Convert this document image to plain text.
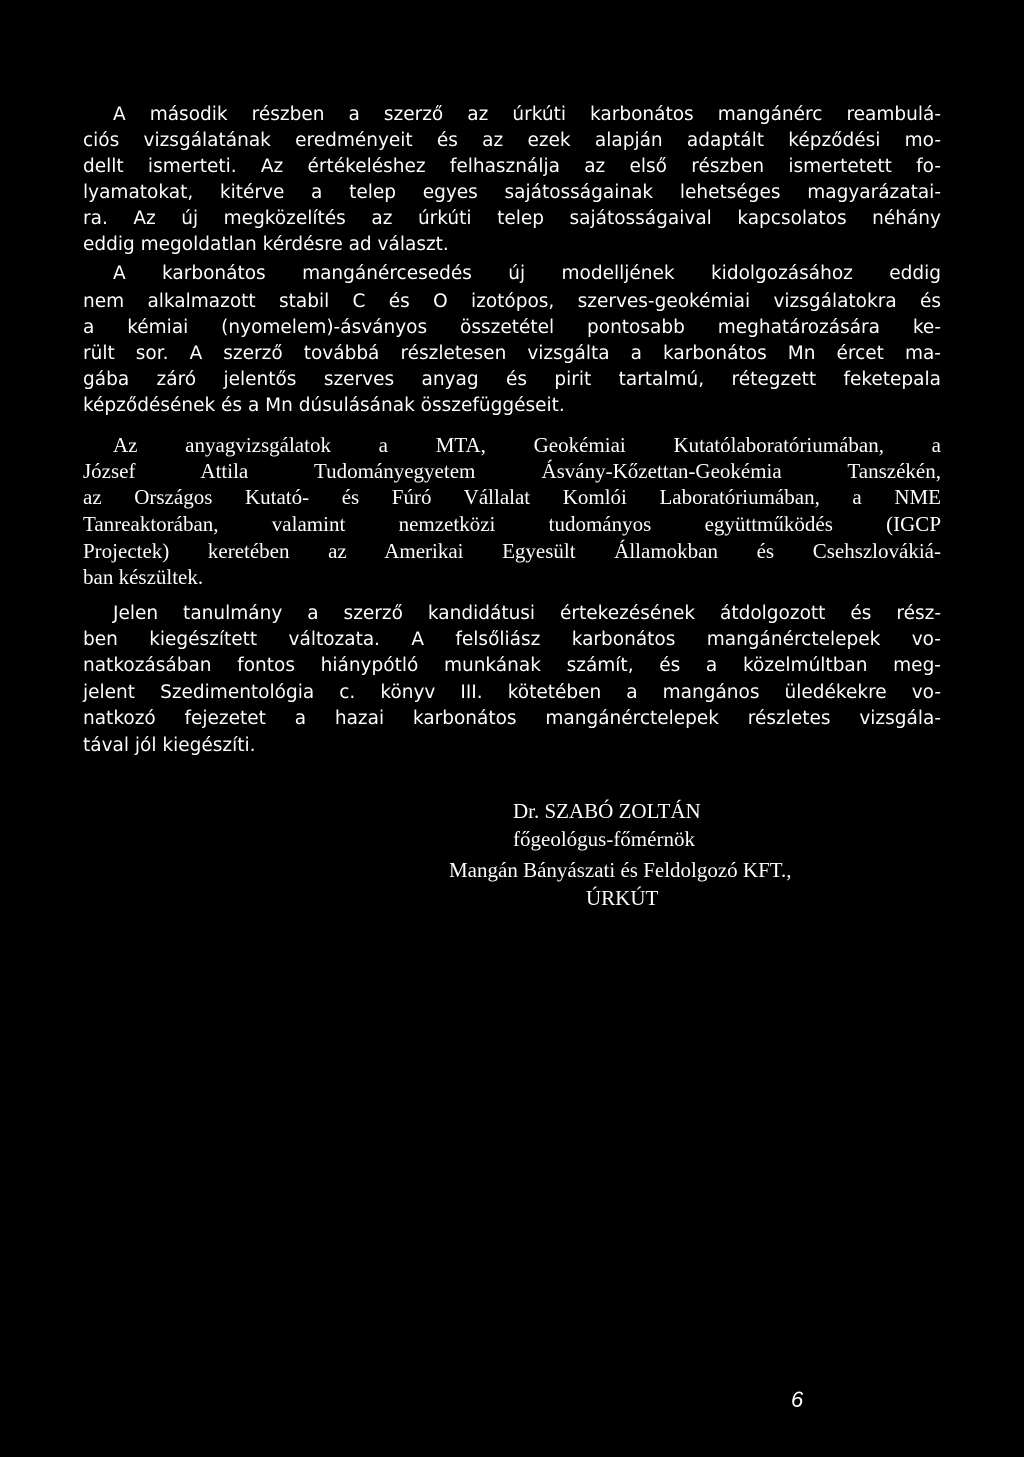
A második részben a szerző az úrkúti karbonátos mangánérc reambulá-
ciós vizsgálatának eredményeit és az ezek alapján adaptált képződési mo-
dellt ismerteti. Az értékeléshez felhasználja az első részben ismertetett fo-
lyamatokat, kitérve a telep egyes sajátosságainak lehetséges magyarázatai-
ra. Az új megközelítés az úrkúti telep sajátosságaival kapcsolatos néhány
eddig megoldatlan kérdésre ad választ.
A karbonátos mangánércesedés új modelljének kidolgozásához eddig
nem alkalmazott stabil C és O izotópos, szerves-geokémiai vizsgálatokra és
a kémiai (nyomelem)-ásványos összetétel pontosabb meghatározására ke-
rült sor. A szerző továbbá részletesen vizsgálta a karbonátos Mn ércet ma-
gába záró jelentős szerves anyag és pirit tartalmú, rétegzett feketepala
képződésének és a Mn dúsulásának összefüggéseit.
Az anyagvizsgálatok a MTA, Geokémiai Kutatólaboratóriumában, a
József Attila Tudományegyetem Ásvány-Kőzettan-Geokémia Tanszékén,
az Országos Kutató- és Fúró Vállalat Komlói Laboratóriumában, a NME
Tanreaktorában, valamint nemzetközi tudományos együttműködés (IGCP
Projectek) keretében az Amerikai Egyesült Államokban és Csehszlovákiá-
ban készültek.
Jelen tanulmány a szerző kandidátusi értekezésének átdolgozott és rész-
ben kiegészített változata. A felsőliász karbonátos mangánérctelepek vo-
natkozásában fontos hiánypótló munkának számít, és a közelmúltban meg-
jelent Szedimentológia c. könyv III. kötetében a mangános üledékekre vo-
natkozó fejezetet a hazai karbonátos mangánérctelepek részletes vizsgála-
tával jól kiegészíti.
Dr. SZABÓ ZOLTÁN
főgeológus-főmérnök
Mangán Bányászati és Feldolgozó KFT.,
ÚRKÚT
6
